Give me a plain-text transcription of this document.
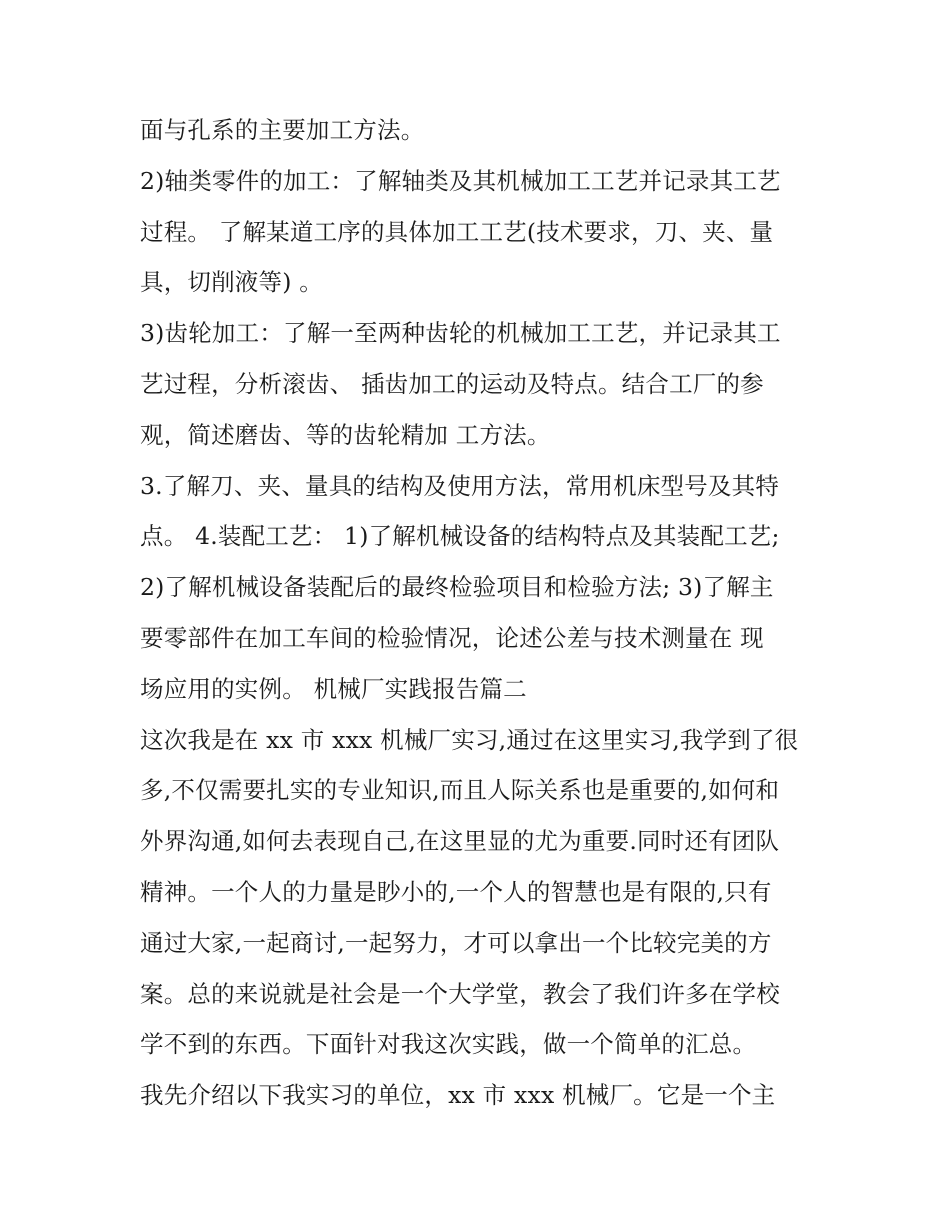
面与孔系的主要加工方法。
2)轴类零件的加工：了解轴类及其机械加工工艺并记录其工艺
过程。 了解某道工序的具体加工工艺(技术要求，刀、夹、量
具，切削液等) 。
3)齿轮加工：了解一至两种齿轮的机械加工工艺，并记录其工
艺过程，分析滚齿、 插齿加工的运动及特点。结合工厂的参
观，简述磨齿、等的齿轮精加 工方法。
3.了解刀、夹、量具的结构及使用方法，常用机床型号及其特
点。 4.装配工艺： 1)了解机械设备的结构特点及其装配工艺;
2)了解机械设备装配后的最终检验项目和检验方法; 3)了解主
要零部件在加工车间的检验情况，论述公差与技术测量在 现
场应用的实例。 机械厂实践报告篇二
这次我是在 xx 市 xxx 机械厂实习,通过在这里实习,我学到了很
多,不仅需要扎实的专业知识,而且人际关系也是重要的,如何和
外界沟通,如何去表现自己,在这里显的尤为重要.同时还有团队
精神。一个人的力量是眇小的,一个人的智慧也是有限的,只有
通过大家,一起商讨,一起努力，才可以拿出一个比较完美的方
案。总的来说就是社会是一个大学堂，教会了我们许多在学校
学不到的东西。下面针对我这次实践，做一个简单的汇总。
我先介绍以下我实习的单位，xx 市 xxx 机械厂。它是一个主
